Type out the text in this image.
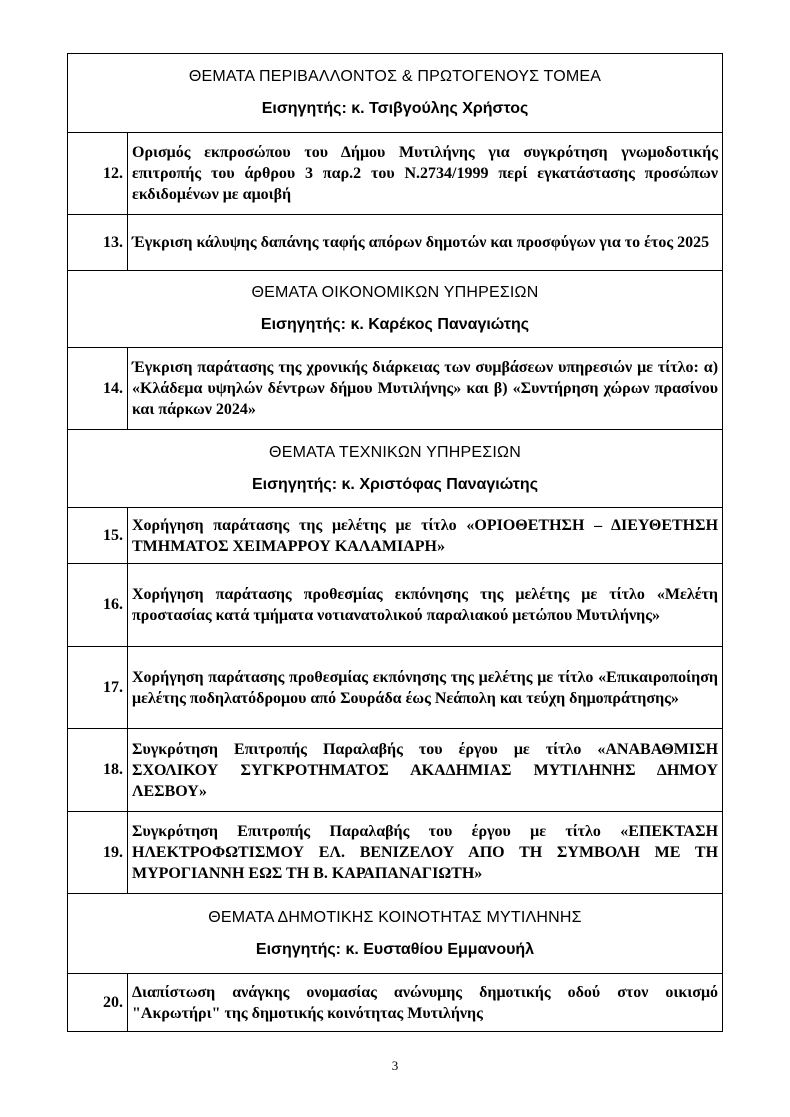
ΘΕΜΑΤΑ ΠΕΡΙΒΑΛΛΟΝΤΟΣ & ΠΡΩΤΟΓΕΝΟΥΣ ΤΟΜΕΑ
Εισηγητής: κ. Τσιβγούλης Χρήστος	

12.	Ορισμός εκπροσώπου του Δήμου Μυτιλήνης για συγκρότηση γνωμοδοτικής επιτροπής του άρθρου 3 παρ.2 του Ν.2734/1999 περί εγκατάστασης προσώπων εκδιδομένων με αμοιβή
13.	Έγκριση κάλυψης δαπάνης ταφής απόρων δημοτών και προσφύγων για το έτος 2025

ΘΕΜΑΤΑ ΟΙΚΟΝΟΜΙΚΩΝ ΥΠΗΡΕΣΙΩΝ
Εισηγητής: κ. Καρέκος Παναγιώτης	

14.	Έγκριση παράτασης της χρονικής διάρκειας των συμβάσεων υπηρεσιών με τίτλο: α) «Κλάδεμα υψηλών δέντρων δήμου Μυτιλήνης» και β) «Συντήρηση χώρων πρασίνου και πάρκων 2024»

ΘΕΜΑΤΑ ΤΕΧΝΙΚΩΝ ΥΠΗΡΕΣΙΩΝ
Εισηγητής: κ. Χριστόφας Παναγιώτης	

15.	Χορήγηση παράτασης της μελέτης με τίτλο «ΟΡΙΟΘΕΤΗΣΗ – ΔΙΕΥΘΕΤΗΣΗ ΤΜΗΜΑΤΟΣ ΧΕΙΜΑΡΡΟΥ ΚΑΛΑΜΙΑΡΗ»
16.	Χορήγηση παράτασης προθεσμίας εκπόνησης της μελέτης με τίτλο «Μελέτη προστασίας κατά τμήματα νοτιανατολικού παραλιακού μετώπου Μυτιλήνης»
17.	Χορήγηση παράτασης προθεσμίας εκπόνησης της μελέτης με τίτλο «Επικαιροποίηση μελέτης ποδηλατόδρομου από Σουράδα έως Νεάπολη και τεύχη δημοπράτησης»
18.	Συγκρότηση Επιτροπής Παραλαβής του έργου με τίτλο «ΑΝΑΒΑΘΜΙΣΗ ΣΧΟΛΙΚΟΥ ΣΥΓΚΡΟΤΗΜΑΤΟΣ ΑΚΑΔΗΜΙΑΣ ΜΥΤΙΛΗΝΗΣ ΔΗΜΟΥ ΛΕΣΒΟΥ»
19.	Συγκρότηση Επιτροπής Παραλαβής του έργου με τίτλο «ΕΠΕΚΤΑΣΗ ΗΛΕΚΤΡΟΦΩΤΙΣΜΟΥ ΕΛ. ΒΕΝΙΖΕΛΟΥ ΑΠΟ ΤΗ ΣΥΜΒΟΛΗ ΜΕ ΤΗ ΜΥΡΟΓΙΑΝΝΗ ΕΩΣ ΤΗ Β. ΚΑΡΑΠΑΝΑΓΙΩΤΗ»

ΘΕΜΑΤΑ ΔΗΜΟΤΙΚΗΣ ΚΟΙΝΟΤΗΤΑΣ ΜΥΤΙΛΗΝΗΣ
Εισηγητής: κ. Ευσταθίου Εμμανουήλ	

20.	Διαπίστωση ανάγκης ονομασίας ανώνυμης δημοτικής οδού στον οικισμό "Ακρωτήρι" της δημοτικής κοινότητας Μυτιλήνης
3
